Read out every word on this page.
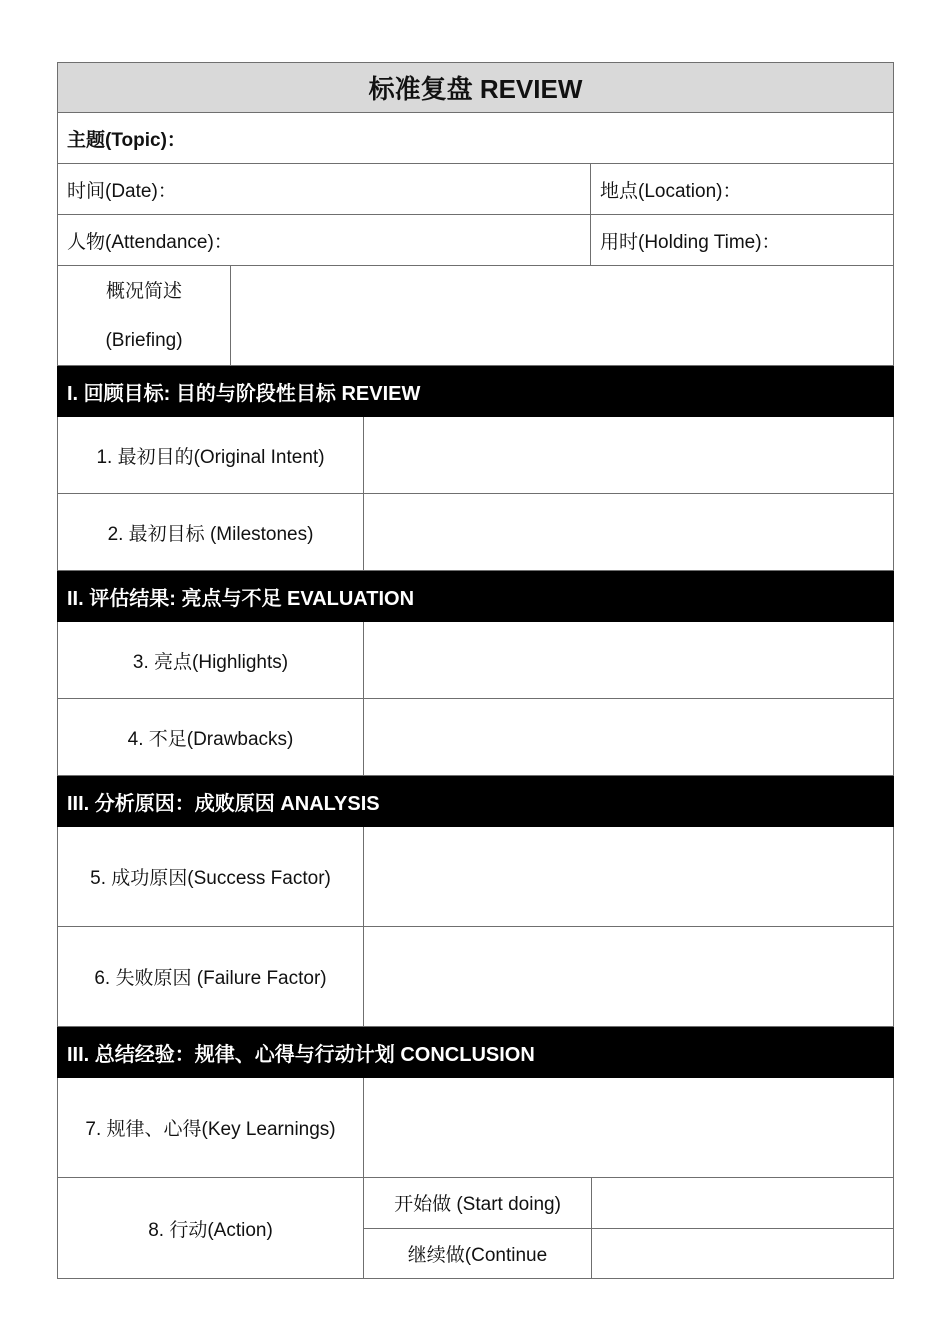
标准复盘 REVIEW
主题(Topic)：
时间(Date)：	地点(Location)：
人物(Attendance)：	用时(Holding Time)：
概况简述
(Briefing)
I. 回顾目标: 目的与阶段性目标 REVIEW
1. 最初目的(Original Intent)
2. 最初目标 (Milestones)
II. 评估结果: 亮点与不足 EVALUATION
3. 亮点(Highlights)
4. 不足(Drawbacks)
III. 分析原因：成败原因 ANALYSIS
5. 成功原因(Success Factor)
6. 失败原因 (Failure Factor)
III. 总结经验：规律、心得与行动计划 CONCLUSION
7. 规律、心得(Key Learnings)
8. 行动(Action)
开始做 (Start doing)
继续做(Continue
